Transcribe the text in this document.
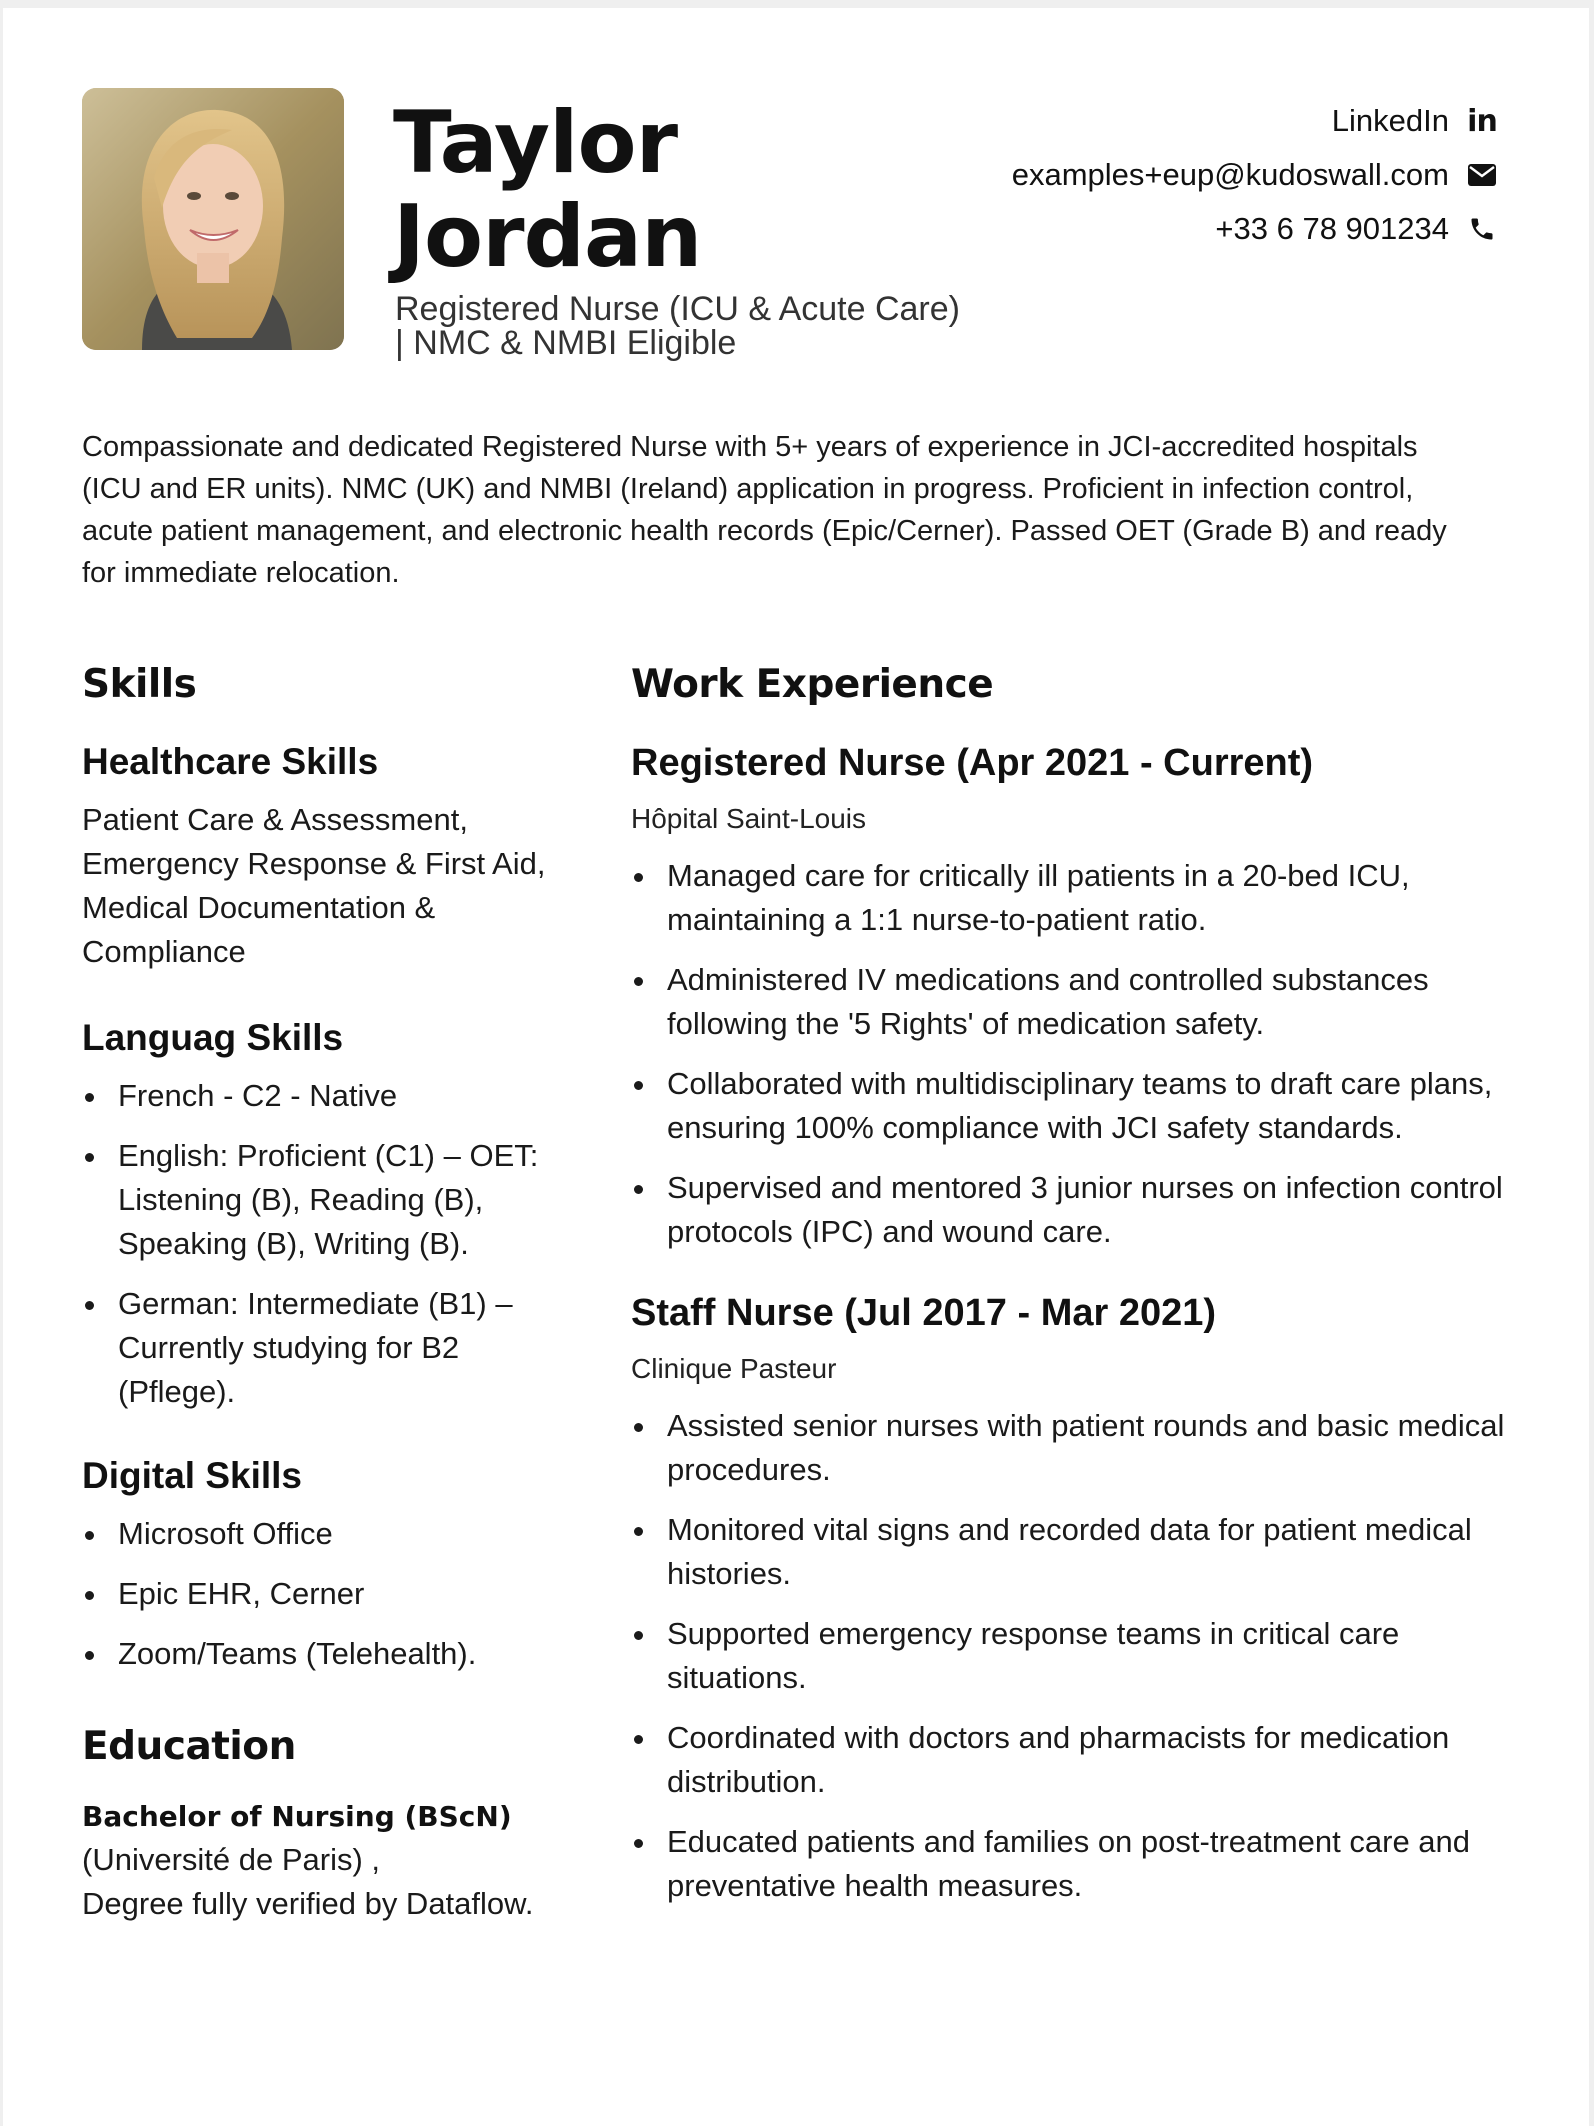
Taylor
Jordan
Registered Nurse (ICU & Acute Care)
| NMC & NMBI Eligible
LinkedIn in
examples+eup@kudoswall.com
+33 6 78 901234

Compassionate and dedicated Registered Nurse with 5+ years of experience in JCI-accredited hospitals (ICU and ER units). NMC (UK) and NMBI (Ireland) application in progress. Proficient in infection control, acute patient management, and electronic health records (Epic/Cerner). Passed OET (Grade B) and ready for immediate relocation.

Skills
Healthcare Skills

Patient Care & Assessment, Emergency Response & First Aid, Medical Documentation & Compliance

Languag Skills
French - C2 - Native
English: Proficient (C1) – OET: Listening (B), Reading (B), Speaking (B), Writing (B).
German: Intermediate (B1) – Currently studying for B2 (Pflege).
Digital Skills
Microsoft Office
Epic EHR, Cerner
Zoom/Teams (Telehealth).
Education
Bachelor of Nursing (BScN)
(Université de Paris) ,
Degree fully verified by Dataflow.
Work Experience
Registered Nurse (Apr 2021 - Current)
Hôpital Saint-Louis
Managed care for critically ill patients in a 20-bed ICU, maintaining a 1:1 nurse-to-patient ratio.
Administered IV medications and controlled substances following the '5 Rights' of medication safety.
Collaborated with multidisciplinary teams to draft care plans, ensuring 100% compliance with JCI safety standards.
Supervised and mentored 3 junior nurses on infection control protocols (IPC) and wound care.
Staff Nurse (Jul 2017 - Mar 2021)
Clinique Pasteur
Assisted senior nurses with patient rounds and basic medical procedures.
Monitored vital signs and recorded data for patient medical histories.
Supported emergency response teams in critical care situations.
Coordinated with doctors and pharmacists for medication distribution.
Educated patients and families on post-treatment care and preventative health measures.
